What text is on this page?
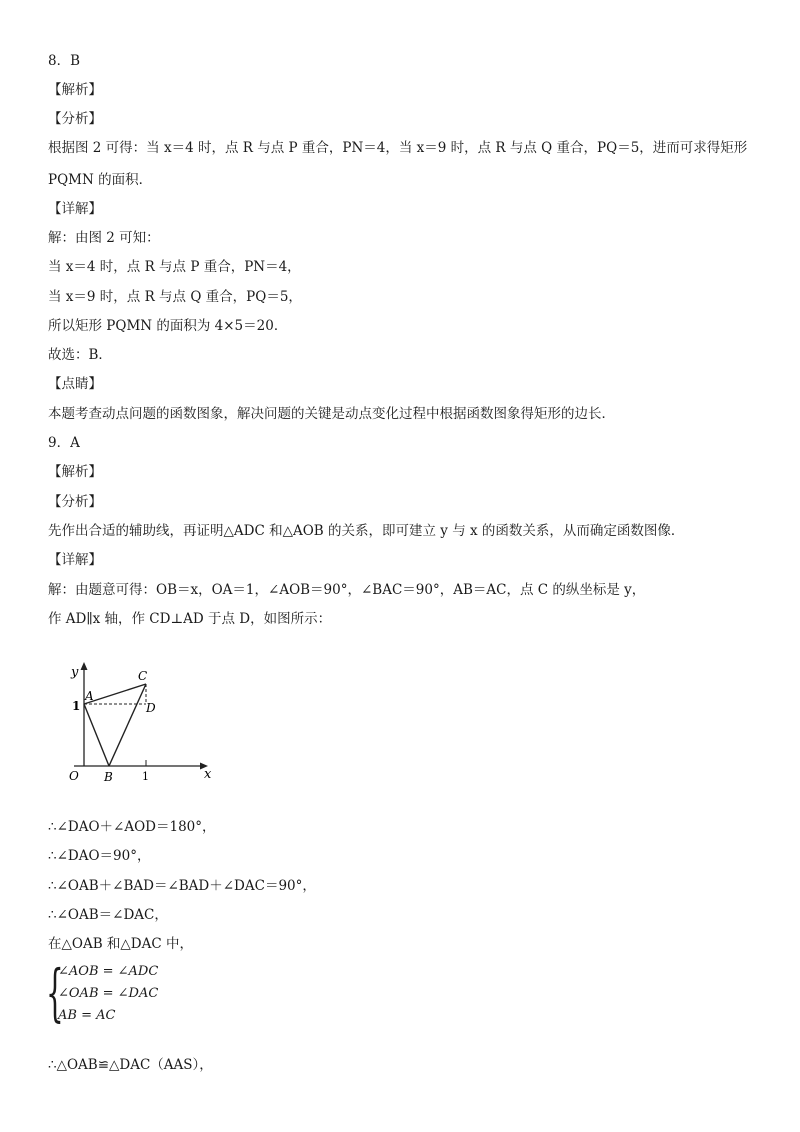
8．B
【解析】
【分析】
根据图 2 可得：当 x＝4 时，点 R 与点 P 重合，PN＝4，当 x＝9 时，点 R 与点 Q 重合，PQ＝5，进而可求得矩形
PQMN 的面积．
【详解】
解：由图 2 可知：
当 x＝4 时，点 R 与点 P 重合，PN＝4，
当 x＝9 时，点 R 与点 Q 重合，PQ＝5，
所以矩形 PQMN 的面积为 4×5＝20．
故选：B．
【点睛】
本题考查动点问题的函数图象，解决问题的关键是动点变化过程中根据函数图象得矩形的边长．
9．A
【解析】
【分析】
先作出合适的辅助线，再证明△ADC 和△AOB 的关系，即可建立 y 与 x 的函数关系，从而确定函数图像．
【详解】
解：由题意可得：OB＝x，OA＝1，∠AOB＝90°，∠BAC＝90°，AB＝AC，点 C 的纵坐标是 y，
作 AD∥x 轴，作 CD⊥AD 于点 D，如图所示：
y
A
C
D
1
O B	1	x
∴∠DAO＋∠AOD＝180°，
∴∠DAO＝90°，
∴∠OAB＋∠BAD＝∠BAD＋∠DAC＝90°，
∴∠OAB＝∠DAC，
在△OAB 和△DAC 中，
{
∠AOB = ∠ADC
∠OAB = ∠DAC
AB = AC
∴△OAB≌△DAC（AAS），
